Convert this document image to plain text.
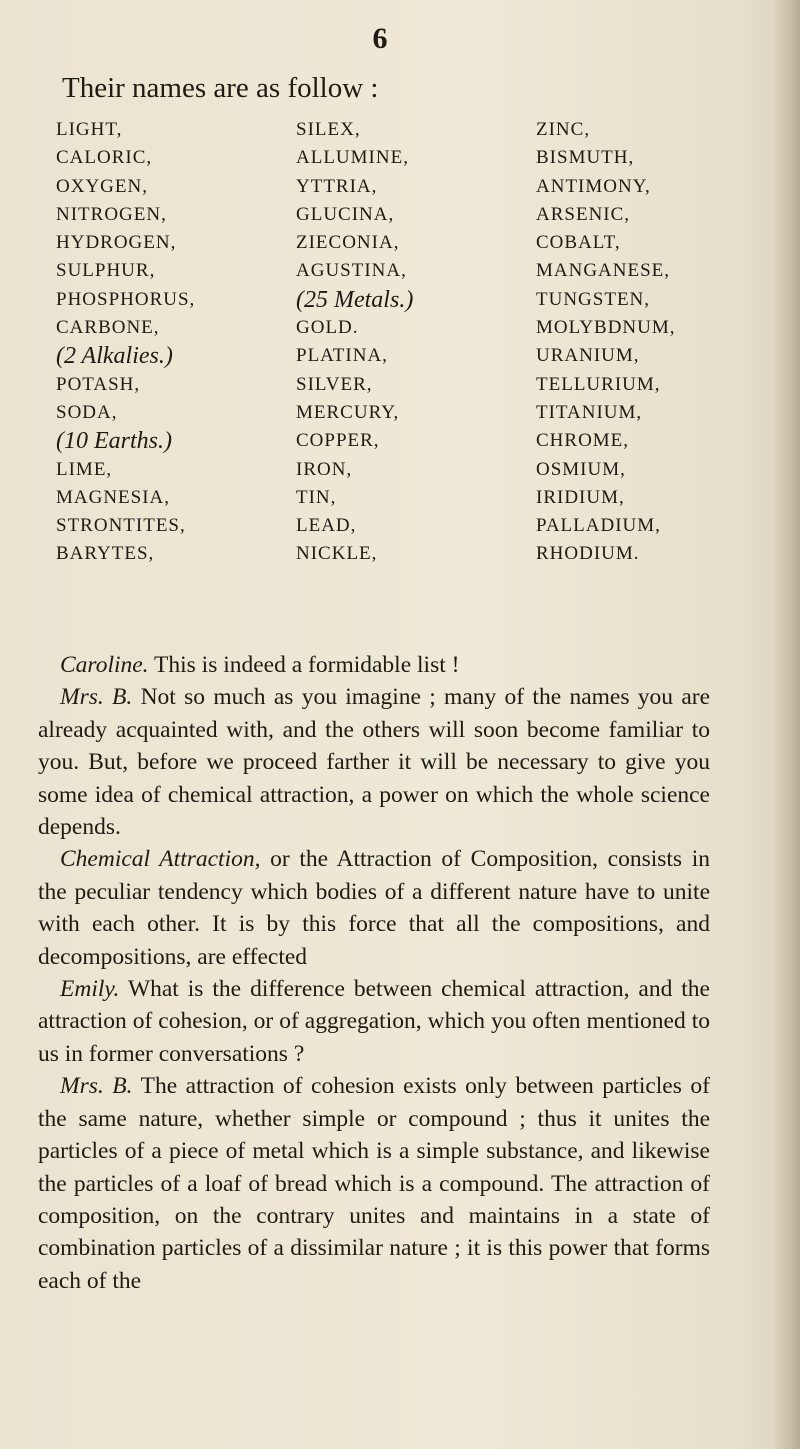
6
Their names are as follow :
LIGHT,
CALORIC,
OXYGEN,
NITROGEN,
HYDROGEN,
SULPHUR,
PHOSPHORUS,
CARBONE,
(2 Alkalies.)
POTASH,
SODA,
(10 Earths.)
LIME,
MAGNESIA,
STRONTITES,
BARYTES,
SILEX,
ALLUMINE,
YTTRIA,
GLUCINA,
ZIECONIA,
AGUSTINA,
(25 Metals.)
GOLD.
PLATINA,
SILVER,
MERCURY,
COPPER,
IRON,
TIN,
LEAD,
NICKLE,
ZINC,
BISMUTH,
ANTIMONY,
ARSENIC,
COBALT,
MANGANESE,
TUNGSTEN,
MOLYBDNUM,
URANIUM,
TELLURIUM,
TITANIUM,
CHROME,
OSMIUM,
IRIDIUM,
PALLADIUM,
RHODIUM.

Caroline. This is indeed a formidable list !

Mrs. B. Not so much as you imagine ; many of the names you are already acquainted with, and the others will soon become familiar to you. But, before we proceed farther it will be necessary to give you some idea of chemical attraction, a power on which the whole science depends.

Chemical Attraction, or the Attraction of Composition, consists in the peculiar tendency which bodies of a different nature have to unite with each other. It is by this force that all the compositions, and decompositions, are effected

Emily. What is the difference between chemical attraction, and the attraction of cohesion, or of aggregation, which you often mentioned to us in former conversations ?

Mrs. B. The attraction of cohesion exists only between particles of the same nature, whether simple or compound ; thus it unites the particles of a piece of metal which is a simple substance, and likewise the particles of a loaf of bread which is a compound. The attraction of composition, on the contrary unites and maintains in a state of combination particles of a dissimilar nature ; it is this power that forms each of the
